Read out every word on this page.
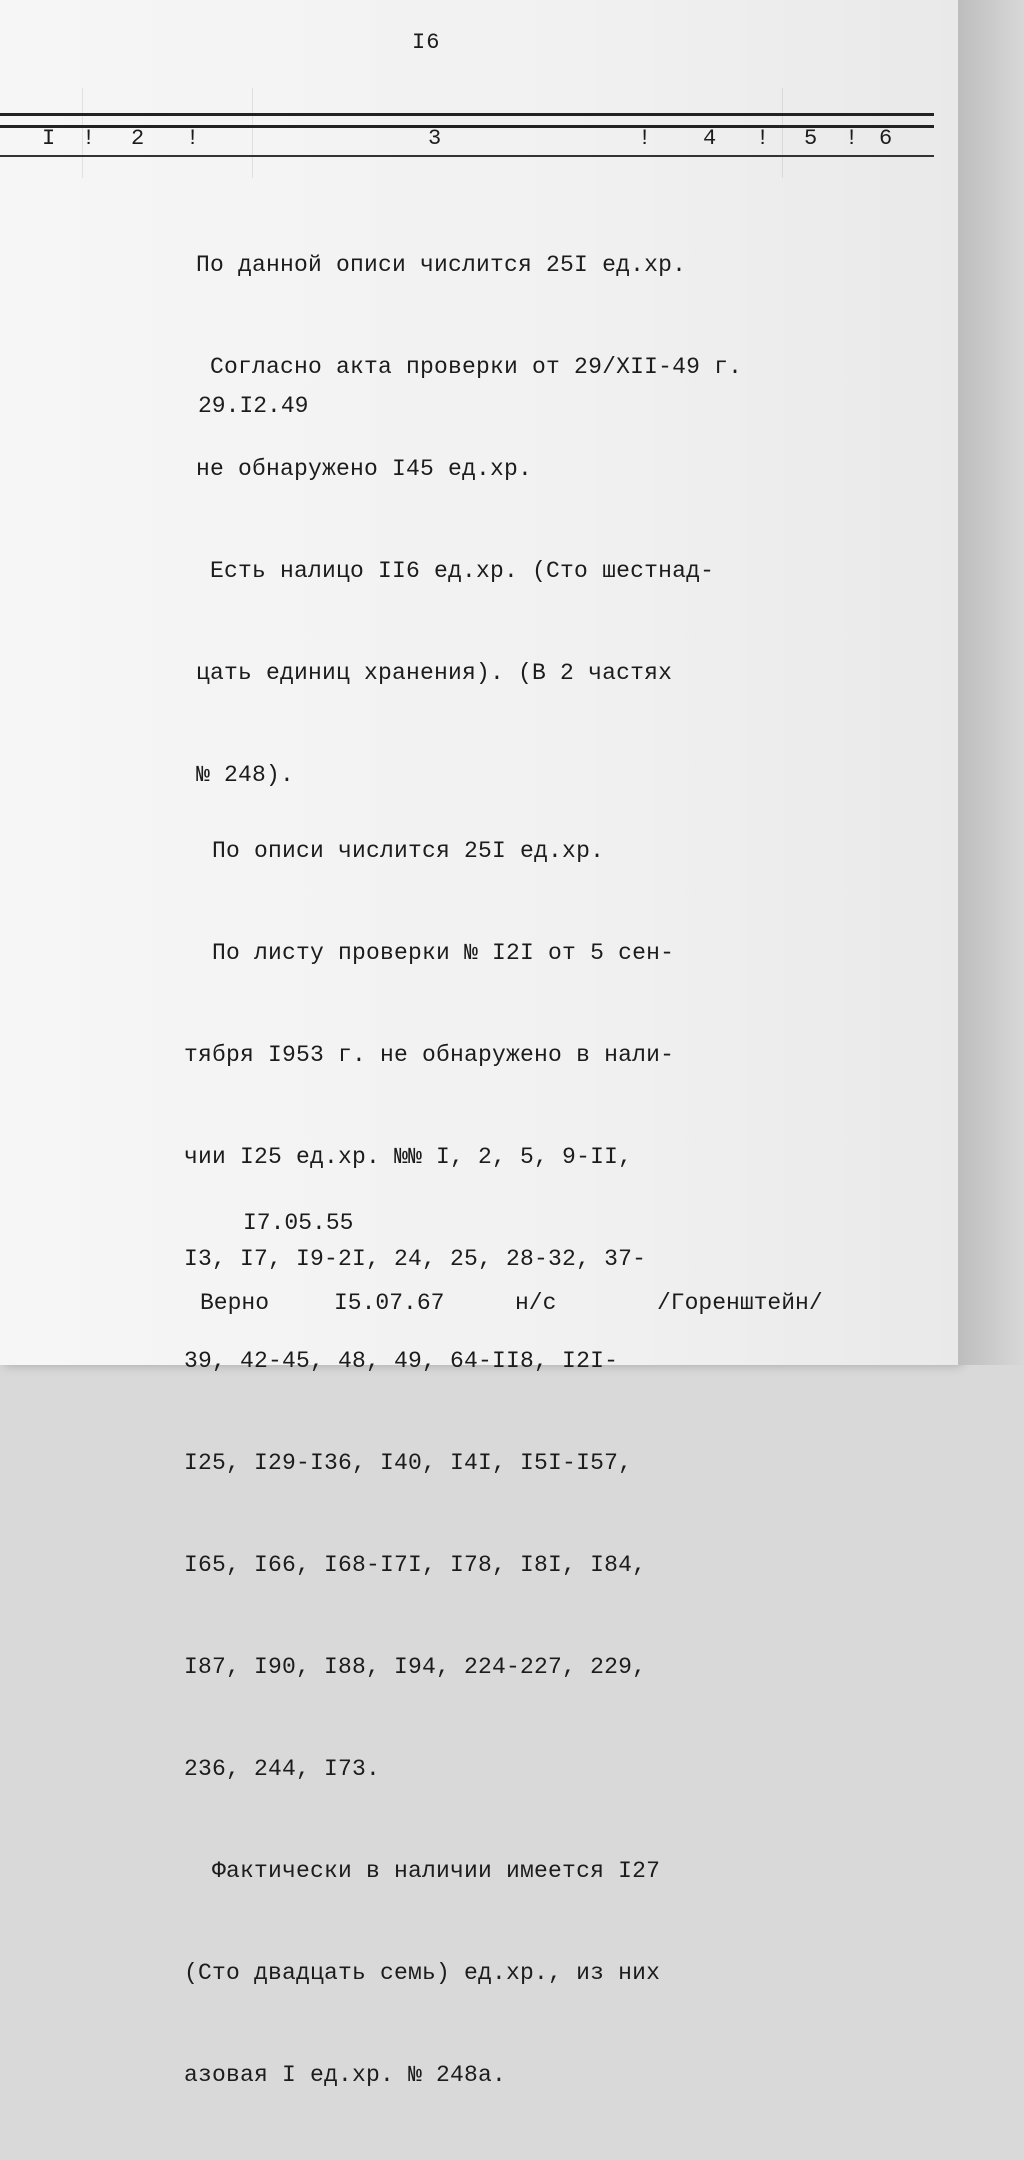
I6
I ! 2 !	3	! 4 ! 5 ! 6

По данной описи числится 25I ед.хр.

Согласно акта проверки от 29/ХII-49 г.

не обнаружено I45 ед.хр.

Есть налицо II6 ед.хр. (Сто шестнад-

цать единиц хранения). (В 2 частях

№ 248).

29.I2.49

По описи числится 25I ед.хр.

По листу проверки № I2I от 5 сен-

тября I953 г. не обнаружено в нали-

чии I25 ед.хр. №№ I, 2, 5, 9-II,

I3, I7, I9-2I, 24, 25, 28-32, 37-

39, 42-45, 48, 49, 64-II8, I2I-

I25, I29-I36, I40, I4I, I5I-I57,

I65, I66, I68-I7I, I78, I8I, I84,

I87, I90, I88, I94, 224-227, 229,

236, 244, I73.

Фактически в наличии имеется I27

(Сто двадцать семь) ед.хр., из них

азовая I ед.хр. № 248а.

I7.05.55
Верно	I5.07.67	н/с	/Горенштейн/
